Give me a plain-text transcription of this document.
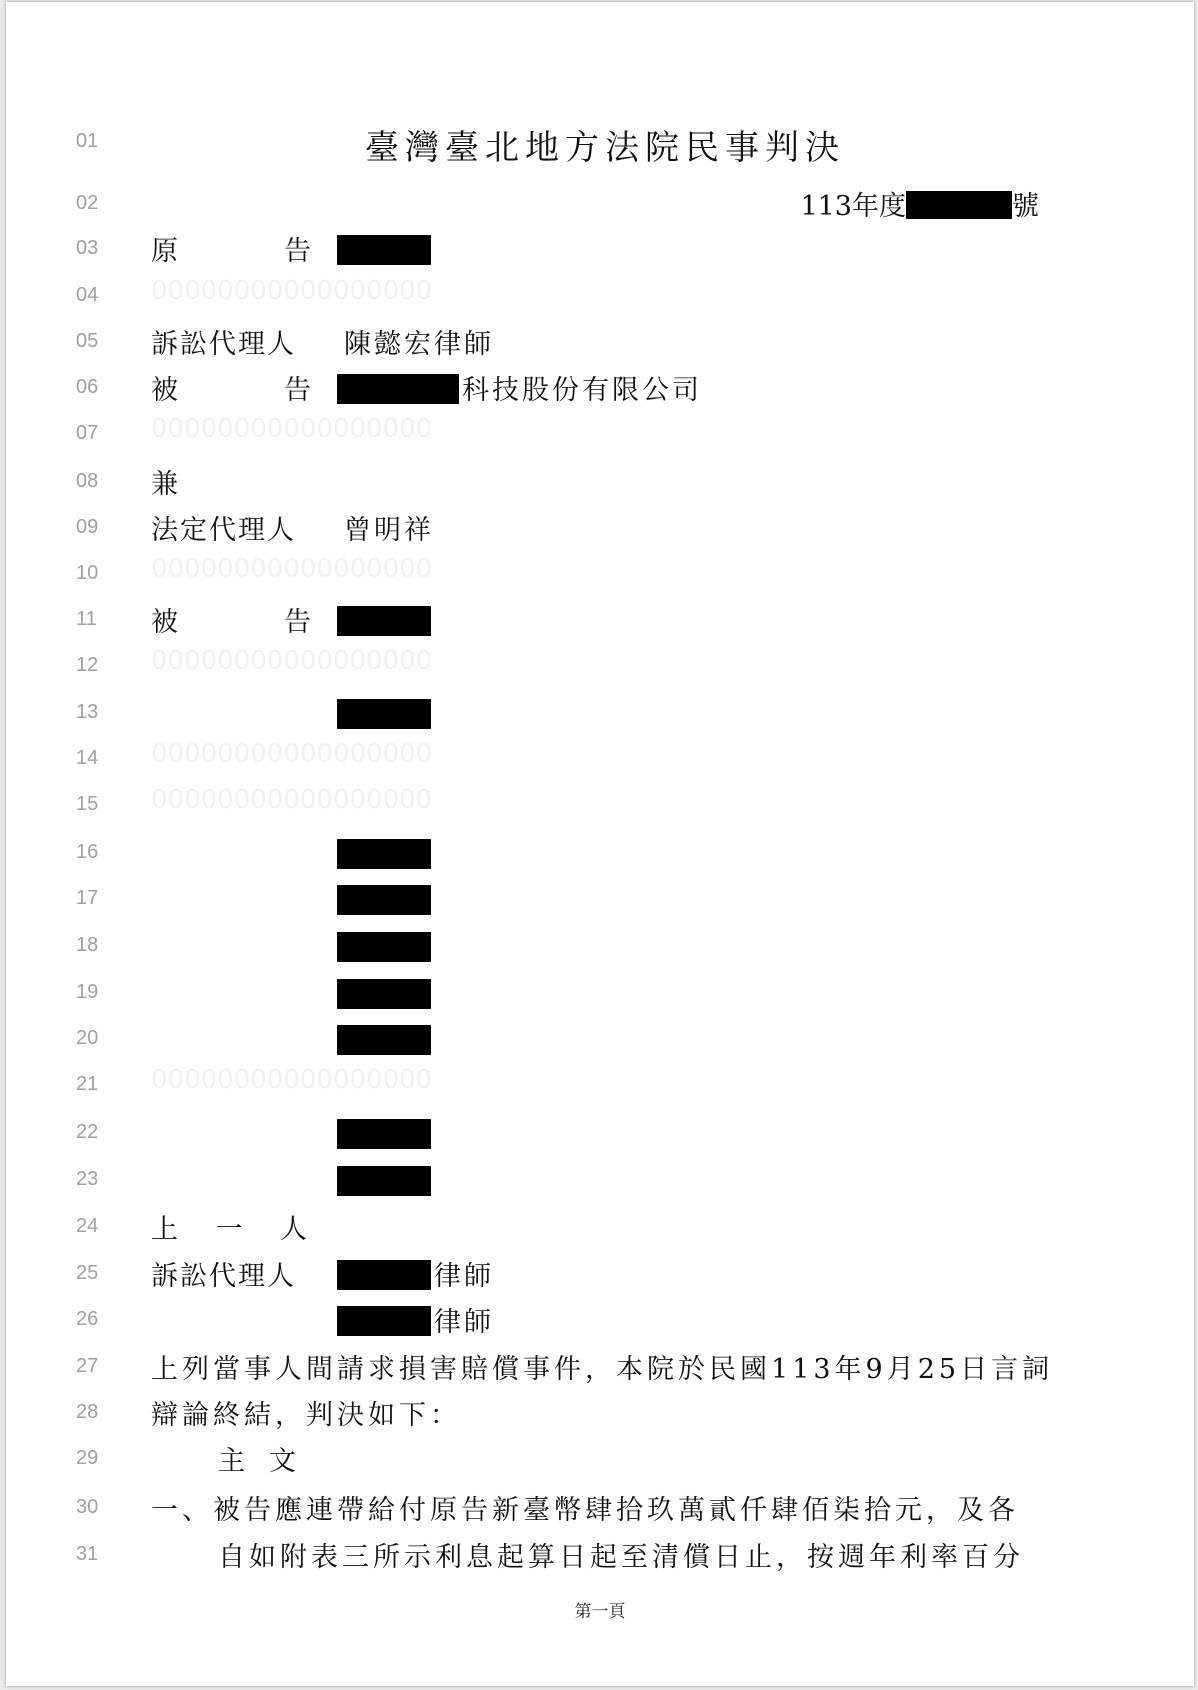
臺灣臺北地方法院民事判決
01
02	113年度	號
03	原	告
04	00000000000000000
05	訴訟代理人 陳懿宏律師
06	被	告	科技股份有限公司
07	00000000000000000
08	兼
09	法定代理人 曾明祥
10	00000000000000000
11	被	告
12	00000000000000000
13
14	00000000000000000
15	00000000000000000
16
17
18
19
20
21	00000000000000000
22
23
24	上 一 人
25	訴訟代理人	律師
26	律師
27	上列當事人間請求損害賠償事件，本院於民國113年9月25日言詞
28	辯論終結，判決如下：
29	主文
30	一、被告應連帶給付原告新臺幣肆拾玖萬貳仟肆佰柒拾元，及各
31	自如附表三所示利息起算日起至清償日止，按週年利率百分
第一頁
